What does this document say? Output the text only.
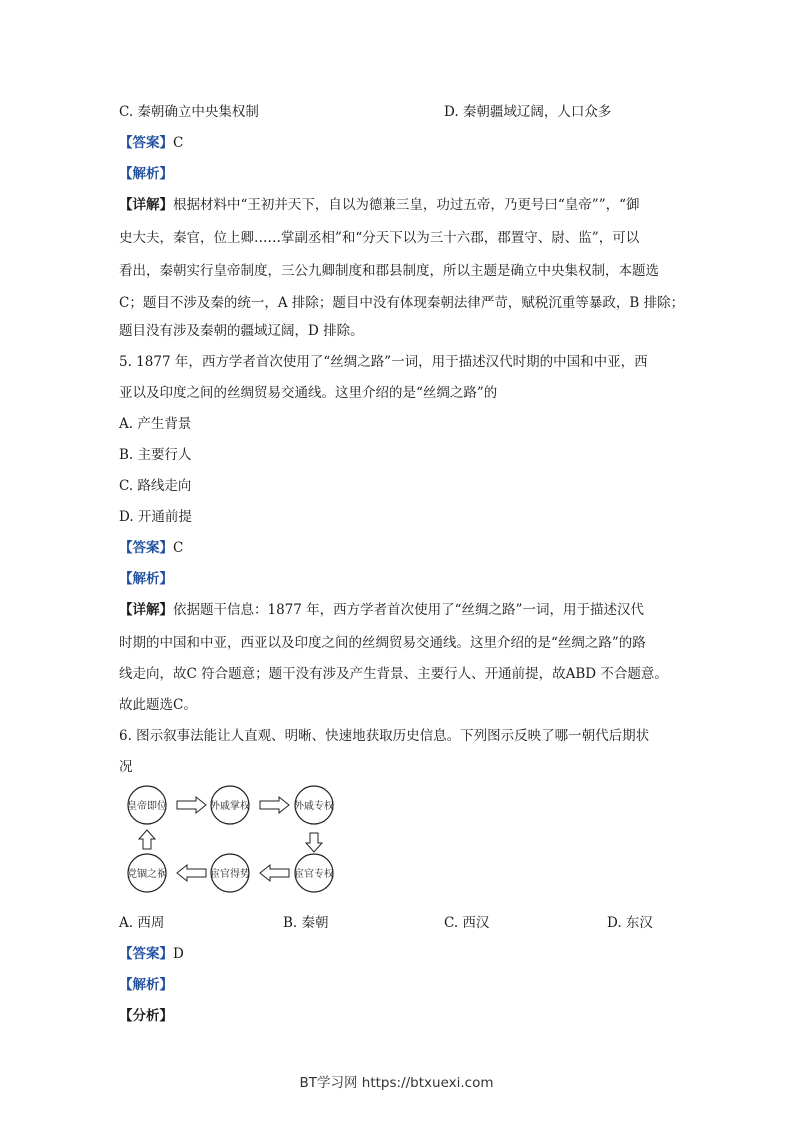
C. 秦朝确立中央集权制	D. 秦朝疆域辽阔，人口众多
【答案】C
【解析】
【详解】根据材料中“王初并天下，自以为德兼三皇，功过五帝，乃更号曰“皇帝””，“御
史大夫，秦官，位上卿……掌副丞相”和“分天下以为三十六郡，郡置守、尉、监”，可以
看出，秦朝实行皇帝制度，三公九卿制度和郡县制度，所以主题是确立中央集权制，本题选
C；题目不涉及秦的统一，A 排除；题目中没有体现秦朝法律严苛，赋税沉重等暴政，B 排除；
题目没有涉及秦朝的疆域辽阔，D 排除。
5. 1877 年，西方学者首次使用了“丝绸之路”一词，用于描述汉代时期的中国和中亚，西
亚以及印度之间的丝绸贸易交通线。这里介绍的是“丝绸之路”的
A. 产生背景
B. 主要行人
C. 路线走向
D. 开通前提
【答案】C
【解析】
【详解】依据题干信息：1877 年，西方学者首次使用了“丝绸之路”一词，用于描述汉代
时期的中国和中亚，西亚以及印度之间的丝绸贸易交通线。这里介绍的是“丝绸之路”的路
线走向，故C 符合题意；题干没有涉及产生背景、主要行人、开通前提，故ABD 不合题意。
故此题选C。
6. 图示叙事法能让人直观、明晰、快速地获取历史信息。下列图示反映了哪一朝代后期状
况
皇帝即位	外戚掌权	外戚专权
宦官专权
宦官得势
党锢之祸
A. 西周	B. 秦朝	C. 西汉	D. 东汉
【答案】D
【解析】
【分析】
BT学习网 https://btxuexi.com
